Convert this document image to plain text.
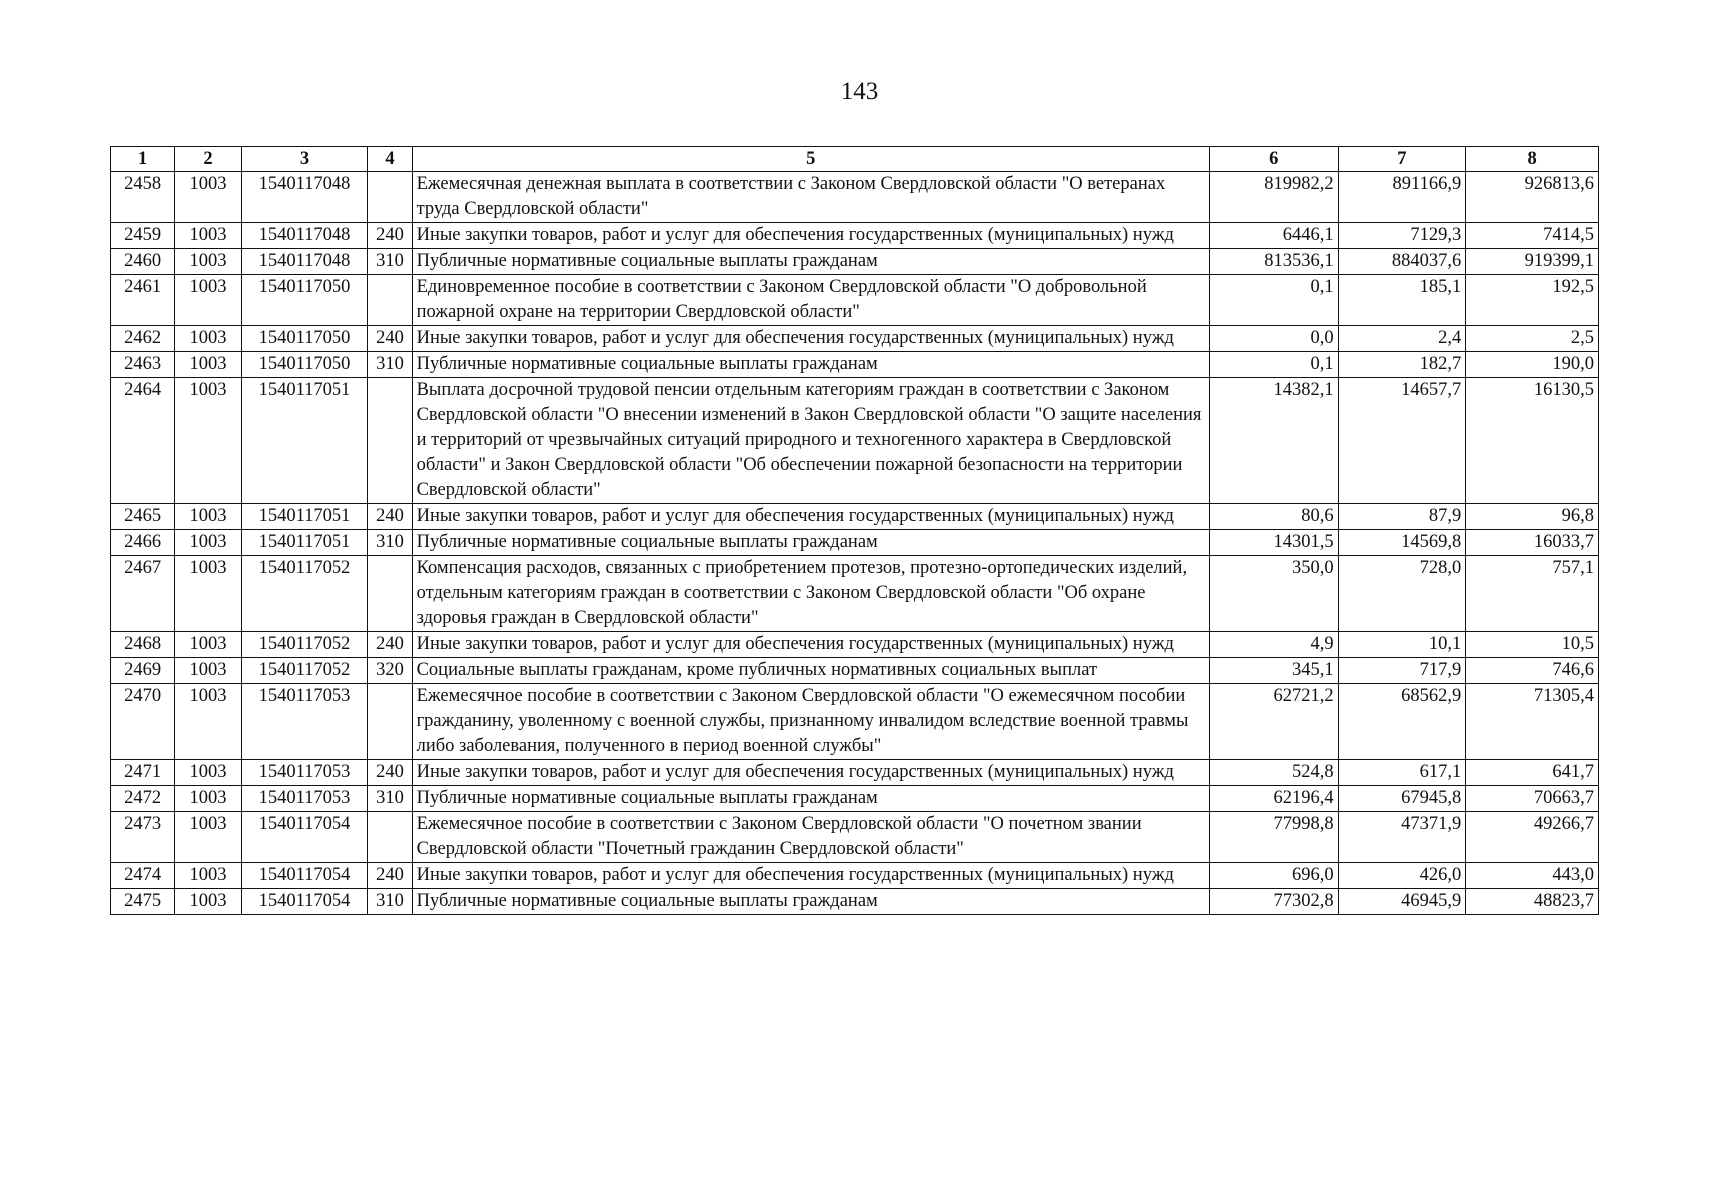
143
1	2	3	4	5	6	7	8
2458	1003	1540117048		Ежемесячная денежная выплата в соответствии с Законом Свердловской области "О ветеранах труда Свердловской области"	819982,2	891166,9	926813,6
2459	1003	1540117048	240	Иные закупки товаров, работ и услуг для обеспечения государственных (муниципальных) нужд	6446,1	7129,3	7414,5
2460	1003	1540117048	310	Публичные нормативные социальные выплаты гражданам	813536,1	884037,6	919399,1
2461	1003	1540117050		Единовременное пособие в соответствии с Законом Свердловской области "О добровольной пожарной охране на территории Свердловской области"	0,1	185,1	192,5
2462	1003	1540117050	240	Иные закупки товаров, работ и услуг для обеспечения государственных (муниципальных) нужд	0,0	2,4	2,5
2463	1003	1540117050	310	Публичные нормативные социальные выплаты гражданам	0,1	182,7	190,0
2464	1003	1540117051		Выплата досрочной трудовой пенсии отдельным категориям граждан в соответствии с Законом Свердловской области "О внесении изменений в Закон Свердловской области "О защите населения и территорий от чрезвычайных ситуаций природного и техногенного характера в Свердловской области" и Закон Свердловской области "Об обеспечении пожарной безопасности на территории Свердловской области"	14382,1	14657,7	16130,5
2465	1003	1540117051	240	Иные закупки товаров, работ и услуг для обеспечения государственных (муниципальных) нужд	80,6	87,9	96,8
2466	1003	1540117051	310	Публичные нормативные социальные выплаты гражданам	14301,5	14569,8	16033,7
2467	1003	1540117052		Компенсация расходов, связанных с приобретением протезов, протезно-ортопедических изделий, отдельным категориям граждан в соответствии с Законом Свердловской области "Об охране здоровья граждан в Свердловской области"	350,0	728,0	757,1
2468	1003	1540117052	240	Иные закупки товаров, работ и услуг для обеспечения государственных (муниципальных) нужд	4,9	10,1	10,5
2469	1003	1540117052	320	Социальные выплаты гражданам, кроме публичных нормативных социальных выплат	345,1	717,9	746,6
2470	1003	1540117053		Ежемесячное пособие в соответствии с Законом Свердловской области "О ежемесячном пособии гражданину, уволенному с военной службы, признанному инвалидом вследствие военной травмы либо заболевания, полученного в период военной службы"	62721,2	68562,9	71305,4
2471	1003	1540117053	240	Иные закупки товаров, работ и услуг для обеспечения государственных (муниципальных) нужд	524,8	617,1	641,7
2472	1003	1540117053	310	Публичные нормативные социальные выплаты гражданам	62196,4	67945,8	70663,7
2473	1003	1540117054		Ежемесячное пособие в соответствии с Законом Свердловской области "О почетном звании Свердловской области "Почетный гражданин Свердловской области"	77998,8	47371,9	49266,7
2474	1003	1540117054	240	Иные закупки товаров, работ и услуг для обеспечения государственных (муниципальных) нужд	696,0	426,0	443,0
2475	1003	1540117054	310	Публичные нормативные социальные выплаты гражданам	77302,8	46945,9	48823,7
